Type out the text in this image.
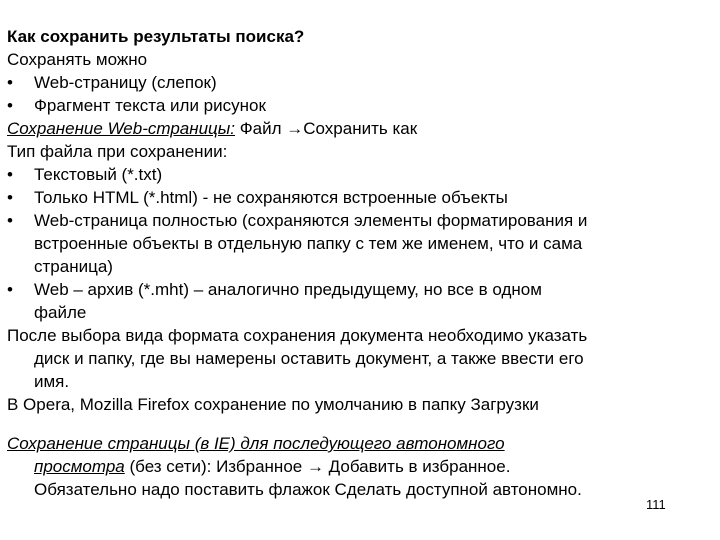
Как сохранить результаты поиска?
Сохранять можно
•	Web-страницу (слепок)
•	Фрагмент текста или рисунок
Сохранение Web-страницы: Файл →Сохранить как
Тип файла при сохранении:
•	Текстовый (*.txt)
•	Только HTML (*.html) - не сохраняются встроенные объекты
•	Web-страница полностью (сохраняются элементы форматирования и
встроенные объекты в отдельную папку с тем же именем, что и сама
страница)
•	Web – архив (*.mht) – аналогично предыдущему, но все в одном
файле
После выбора вида формата сохранения документа необходимо указать
диск и папку, где вы намерены оставить документ, а также ввести его
имя.
В Opera, Mozilla Firefox сохранение по умолчанию в папку Загрузки
Сохранение страницы (в IE) для последующего автономного
просмотра (без сети): Избранное → Добавить в избранное.
Обязательно надо поставить флажок Сделать доступной автономно.
111
